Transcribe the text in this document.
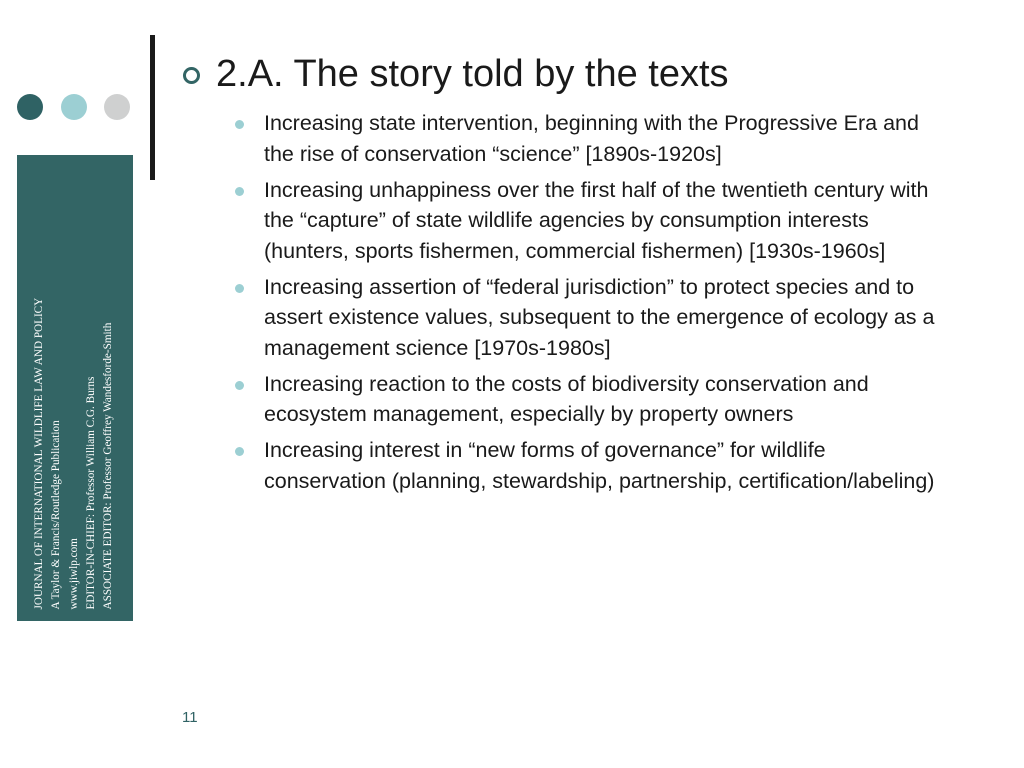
JOURNAL OF INTERNATIONAL WILDLIFE LAW AND POLICY A Taylor & Francis/Routledge Publication www.jiwlp.com EDITOR-IN-CHIEF: Professor William C.G. Burns ASSOCIATE EDITOR: Professor Geoffrey Wandesforde-Smith
2.A. The story told by the texts
Increasing state intervention, beginning with the Progressive Era and the rise of conservation “science” [1890s-1920s]
Increasing unhappiness over the first half of the twentieth century with the “capture” of state wildlife agencies by consumption interests (hunters, sports fishermen, commercial fishermen) [1930s-1960s]
Increasing assertion of “federal jurisdiction” to protect species and to assert existence values, subsequent to the emergence of ecology as a management science [1970s-1980s]
Increasing reaction to the costs of biodiversity conservation and ecosystem management, especially by property owners
Increasing interest in “new forms of governance” for wildlife conservation (planning, stewardship, partnership, certification/labeling)
11
